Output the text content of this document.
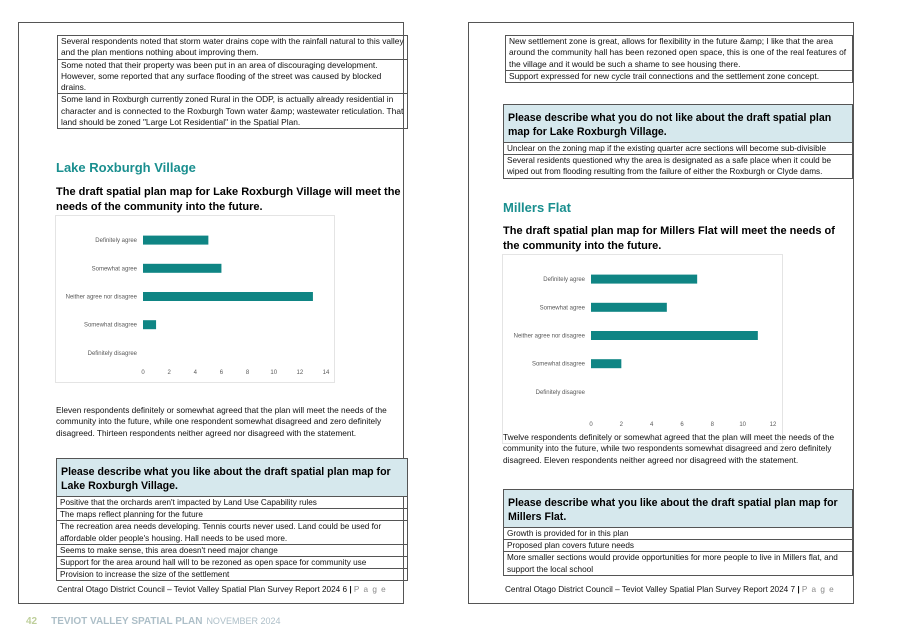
Several respondents noted that storm water drains cope with the rainfall natural to this valley and the plan mentions nothing about improving them.
Some noted that their property was been put in an area of discouraging development. However, some reported that any surface flooding of the street was caused by blocked drains.
Some land in Roxburgh currently zoned Rural in the ODP, is actually already residential in character and is connected to the Roxburgh Town water &amp; wastewater reticulation. That land should be zoned "Large Lot Residential" in the Spatial Plan.
Lake Roxburgh Village
The draft spatial plan map for Lake Roxburgh Village will meet the needs of the community into the future.
Definitely agree
Somewhat agree
Neither agree nor disagree
Somewhat disagree
Definitely disagree
0	2	4	6	8	10	12	14
Eleven respondents definitely or somewhat agreed that the plan will meet the needs of the community into the future, while one respondent somewhat disagreed and zero definitely disagreed. Thirteen respondents neither agreed nor disagreed with the statement.
Please describe what you like about the draft spatial plan map for Lake Roxburgh Village.
Positive that the orchards aren't impacted by Land Use Capability rules
The maps reflect planning for the future
The recreation area needs developing. Tennis courts never used. Land could be used for affordable older people's housing. Hall needs to be used more.
Seems to make sense, this area doesn't need major change
Support for the area around hall will to be rezoned as open space for community use
Provision to increase the size of the settlement
Central Otago District Council – Teviot Valley Spatial Plan Survey Report 2024 6 | P a g e
New settlement zone is great, allows for flexibility in the future &amp; I like that the area around the community hall has been rezoned open space, this is one of the real features of the village and it would be such a shame to see housing there.
Support expressed for new cycle trail connections and the settlement zone concept.
Please describe what you do not like about the draft spatial plan map for Lake Roxburgh Village.
Unclear on the zoning map if the existing quarter acre sections will become sub-divisible
Several residents questioned why the area is designated as a safe place when it could be wiped out from flooding resulting from the failure of either the Roxburgh or Clyde dams.
Millers Flat
The draft spatial plan map for Millers Flat will meet the needs of the community into the future.
Definitely agree
Somewhat agree
Neither agree nor disagree
Somewhat disagree
Definitely disagree
0	2	4	6	8	10	12
Twelve respondents definitely or somewhat agreed that the plan will meet the needs of the community into the future, while two respondents somewhat disagreed and zero definitely disagreed. Eleven respondents neither agreed nor disagreed with the statement.
Please describe what you like about the draft spatial plan map for Millers Flat.
Growth is provided for in this plan
Proposed plan covers future needs
More smaller sections would provide opportunities for more people to live in Millers flat, and support the local school
Central Otago District Council – Teviot Valley Spatial Plan Survey Report 2024 7 | P a g e
42 TEVIOT VALLEY SPATIAL PLAN NOVEMBER 2024
